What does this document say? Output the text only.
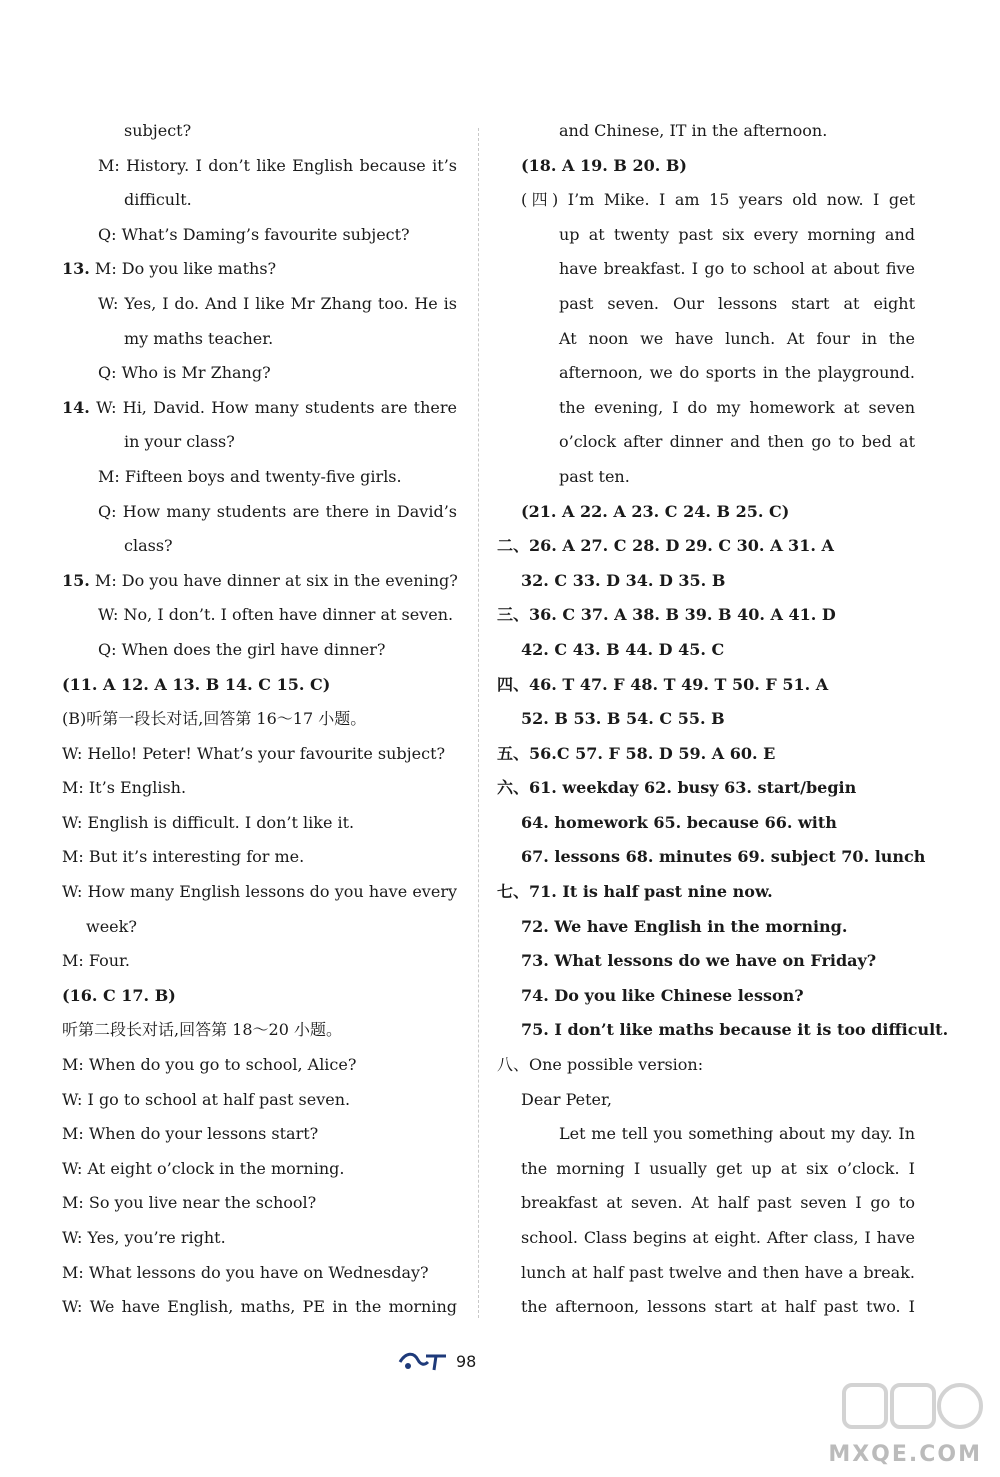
subject?
M: History. I don’t like English because it’s
difficult.
Q: What’s Daming’s favourite subject?
13. M: Do you like maths?
W: Yes, I do. And I like Mr Zhang too. He is
my maths teacher.
Q: Who is Mr Zhang?
14. W: Hi, David. How many students are there
in your class?
M: Fifteen boys and twenty-five girls.
Q: How many students are there in David’s
class?
15. M: Do you have dinner at six in the evening?
W: No, I don’t. I often have dinner at seven.
Q: When does the girl have dinner?
(11. A 12. A 13. B 14. C 15. C)
(B)听第一段长对话,回答第 16～17 小题。
W: Hello! Peter! What’s your favourite subject?
M: It’s English.
W: English is difficult. I don’t like it.
M: But it’s interesting for me.
W: How many English lessons do you have every
week?
M: Four.
(16. C 17. B)
听第二段长对话,回答第 18～20 小题。
M: When do you go to school, Alice?
W: I go to school at half past seven.
M: When do your lessons start?
W: At eight o’clock in the morning.
M: So you live near the school?
W: Yes, you’re right.
M: What lessons do you have on Wednesday?
W: We have English, maths, PE in the morning
and Chinese, IT in the afternoon.
(18. A 19. B 20. B)
(四) I’m Mike. I am 15 years old now. I get
up at twenty past six every morning and
have breakfast. I go to school at about five
past seven. Our lessons start at eight
At noon we have lunch. At four in the
afternoon, we do sports in the playground.
the evening, I do my homework at seven
o’clock after dinner and then go to bed at
past ten.
(21. A 22. A 23. C 24. B 25. C)
二、26. A 27. C 28. D 29. C 30. A 31. A
32. C 33. D 34. D 35. B
三、36. C 37. A 38. B 39. B 40. A 41. D
42. C 43. B 44. D 45. C
四、46. T 47. F 48. T 49. T 50. F 51. A
52. B 53. B 54. C 55. B
五、56.C 57. F 58. D 59. A 60. E
六、61. weekday 62. busy 63. start/begin
64. homework 65. because 66. with
67. lessons 68. minutes 69. subject 70. lunch
七、71. It is half past nine now.
72. We have English in the morning.
73. What lessons do we have on Friday?
74. Do you like Chinese lesson?
75. I don’t like maths because it is too difficult.
八、One possible version:
Dear Peter,
Let me tell you something about my day. In
the morning I usually get up at six o’clock. I
breakfast at seven. At half past seven I go to
school. Class begins at eight. After class, I have
lunch at half past twelve and then have a break.
the afternoon, lessons start at half past two. I
98
MXQE.COM
